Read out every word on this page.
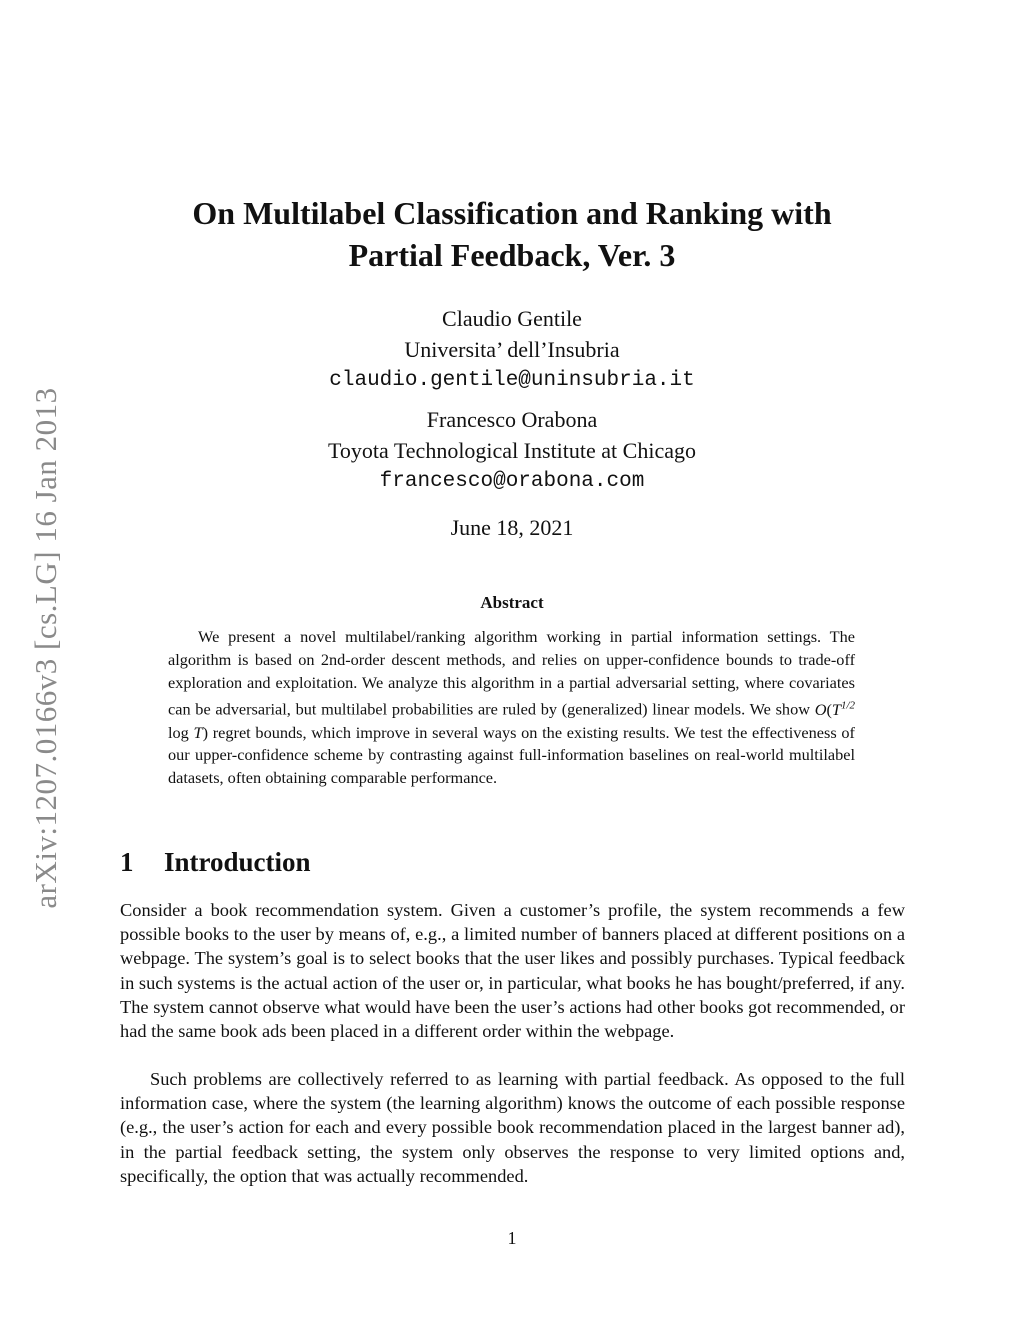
arXiv:1207.0166v3 [cs.LG] 16 Jan 2013
On Multilabel Classification and Ranking with
Partial Feedback, Ver. 3
Claudio Gentile
Universita’ dell’Insubria
claudio.gentile@uninsubria.it
Francesco Orabona
Toyota Technological Institute at Chicago
francesco@orabona.com
June 18, 2021
Abstract

We present a novel multilabel/ranking algorithm working in partial information settings. The algorithm is based on 2nd-order descent methods, and relies on upper-confidence bounds to trade-off exploration and exploitation. We analyze this algorithm in a partial adversarial setting, where covariates can be adversarial, but multilabel probabilities are ruled by (generalized) linear models. We show $O(T^{1/2}$ log T) regret bounds, which improve in several ways on the existing results. We test the effectiveness of our upper-confidence scheme by contrasting against full-information baselines on real-world multilabel datasets, often obtaining comparable performance.

1 Introduction

Consider a book recommendation system. Given a customer’s profile, the system recommends a few possible books to the user by means of, e.g., a limited number of banners placed at different positions on a webpage. The system’s goal is to select books that the user likes and possibly purchases. Typical feedback in such systems is the actual action of the user or, in particular, what books he has bought/preferred, if any. The system cannot observe what would have been the user’s actions had other books got recommended, or had the same book ads been placed in a different order within the webpage.

Such problems are collectively referred to as learning with partial feedback. As opposed to the full information case, where the system (the learning algorithm) knows the outcome of each possible response (e.g., the user’s action for each and every possible book recommendation placed in the largest banner ad), in the partial feedback setting, the system only observes the response to very limited options and, specifically, the option that was actually recommended.

1
